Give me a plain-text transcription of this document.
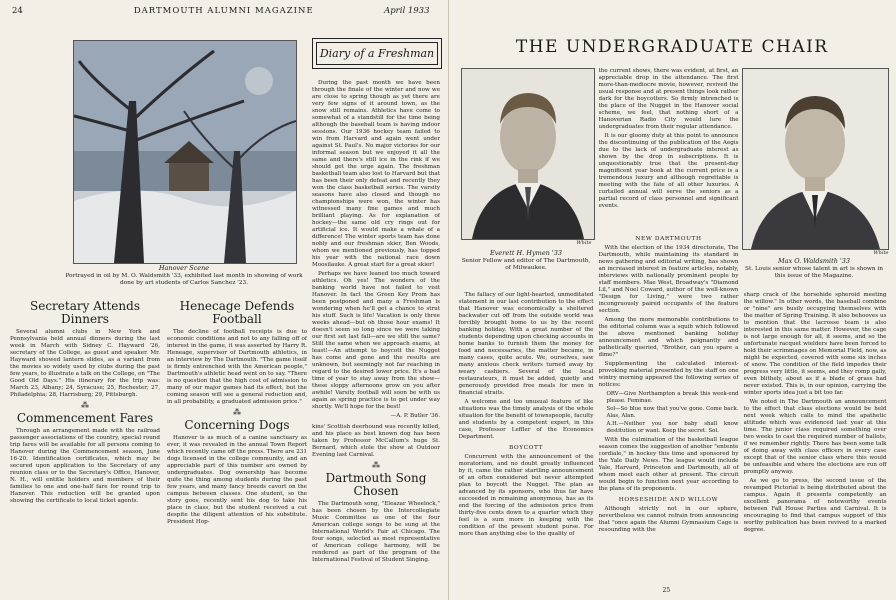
24	DARTMOUTH ALUMNI MAGAZINE	April 1933
Hanover Scene
Portrayed in oil by M. O. Waldsmith '33, exhibited last month in showing of work done by art students of Carlos Sanchez '23.
Secretary Attends Dinners

Several alumni clubs in New York and Pennsylvania held annual dinners during the last week in March with Sidney C. Hayward '26, secretary of the College, as guest and speaker. Mr. Hayward showed lantern slides, as a variant from the movies so widely used by clubs during the past few years, to illustrate a talk on the College, on "The Good Old Days." His itinerary for the trip was: March 23, Albany; 24, Syracuse; 25, Rochester; 27, Philadelphia; 28, Harrisburg; 29, Pittsburgh.

⁂
Commencement Fares

Through an arrangement made with the railroad passenger associations of the country, special round trip fares will be available for all persons coming to Hanover during the Commencement season, June 16-20. Identification certificates, which may be secured upon application to the Secretary of any reunion class or to the Secretary's Office, Hanover, N. H., will entitle holders and members of their families to one and one-half fare for round trip to Hanover. This reduction will be granted upon showing the certificate to local ticket agents.

Henecage Defends Football

The decline of football receipts is due to economic conditions and not to any falling off of interest in the game, it was asserted by Harry R. Heneage, supervisor of Dartmouth athletics, in an interview by The Dartmouth. "The game itself is firmly entrenched with the American people," Dartmouth's athletic head went on to say. "There is no question that the high cost of admission to many of our major games had its effect, but the coming season will see a general reduction and, in all probability, a graduated admission price."

⁂
Concerning Dogs

Hanover is as much of a canine sanctuary as ever, it was revealed in the annual Town Report which recently came off the press. There are 231 dogs licensed in the college community, and an appreciable part of this number are owned by undergraduates. Dog ownership has become quite the thing among students during the past few years, and many fancy breeds cavort on the campus between classes. One student, so the story goes, recently sent his dog to take his place in class, but the student received a cut despite the diligent attention of his substitute. President Hop-

Diary of a Freshman

During the past month we have been through the finale of the winter and now we are close to spring though as yet there are very few signs of it around town, as the snow still remains. Athletics have come to somewhat of a standstill for the time being although the baseball team is having indoor sessions. Our 1936 hockey team failed to win from Harvard and again went under against St. Paul's. No major victories for our informal season but we enjoyed it all the same and there's still ice in the rink if we should get the urge again. The freshman basketball team also lost to Harvard but that has been their only defeat and recently they won the class basketball series. The varsity seasons have also closed and though no championships were won, the winter has witnessed many fine games and much brilliant playing. As for explanation of hockey—the same old cry rings out for artificial ice. It would make a whale of a difference! The winter sports team has done nobly and our freshman skier, Ben Woods, whom we mentioned previously, has topped his year with the national race down Moosilauke. A great start for a great skier!

Perhaps we have leaned too much toward athletics. Oh yes! The wonders of the banking world have not failed to visit Hanover. In fact the Green Key Prom has been postponed and many a Freshman is wondering when he'll get a chance to strut his stuff. Such is life! Vacation is only three weeks ahead—but oh those hour exams! It doesn't seem so long since we were taking our first set last fall—are we still the same? Still the same when we approach exams, at least!—An attempt to boycott the Nugget has come and gone and the results are unknown, but seemingly not far reaching in regard to the desired lower price. It's a bad time of year to stay away from the show—these sloppy afternoons grow on you after awhile! Varsity football will soon be with us again as spring practice is to get under way shortly. We'll hope for the best!

—A. P. Butler '36.

kins' Scottish deerhound was recently killed, and his place as best known dog has been taken by Professor McCallum's huge St. Bernard, which stole the show at Outdoor Evening last Carnival.

⁂
Dartmouth Song Chosen

The Dartmouth song, "Eleazar Wheelock," has been chosen by the Intercollegiate Music Committee as one of the four American college songs to be sung at the International World's Fair at Chicago. The four songs, selected as most representative of American college harmony, will be rendered as part of the program of the International Festival of Student Singing.

THE UNDERGRADUATE CHAIR
White
Everett H. Hymen '33
Senior Fellow and editor of The Dartmouth, of Milwaukee.

the current shows, there was evident, at first, an appreciable drop in the attendance. The first more-than-mediocre movie, however, revived the usual response and at present things look rather dark for the boycotters. So firmly intrenched is the place of the Nugget in the Hanover social scheme, we feel, that nothing short of a Hanoverian Radio City would lure the undergraduates from their regular attendance.

It is our gloomy duty at this point to announce the discontinuing of the publication of the Aegis due to the lack of undergraduate interest as shown by the drop in subscriptions. It is unquestionably true that the present-day magnificent year book at the current price is a tremendous luxury and although regrettable is meeting with the fate of all other luxuries. A curtailed annual will serve the seniors as a partial record of class personnel and significant events.

White
Max O. Waldsmith '33
St. Louis senior whose talent in art is shown in this issue of the Magazine.

The fallacy of our light-hearted, unmeditated statement in our last contribution to the effect that Hanover was economically a sheltered backwater cut off from the outside world was forcibly brought home to us by the recent banking holiday. With a great number of the students depending upon checking accounts in home banks to furnish them the money for food and necessaries, the matter became, in many cases, quite acute. We, ourselves, saw many anxious check writers turned away by weary cashiers. Several of the local restaurateurs, it must be added, quietly and generously provided free meals for men in financial straits.

A welcome and too unusual feature of like situations was the timely analysis of the whole situation for the benefit of townspeople, faculty and students by a competent expert, in this case, Professor Leffler of the Economics Department.

BOYCOTT

Concurrent with the announcement of the moratorium, and no doubt greatly influenced by it, came the rather startling announcement of an often considered but never attempted plan to boycott the Nugget. The plan as advanced by its sponsors, who thus far have succeeded in remaining anonymous, has as its end the forcing of the admission price from thirty-five cents down to a quarter which they feel is a sum more in keeping with the condition of the present student purse. For more than anything else to the quality of

NEW DARTMOUTH

With the election of the 1934 directorate, The Dartmouth, while maintaining its standard in news gathering and editorial writing, has shown an increased interest in feature articles, notably, interviews with nationally prominent people by staff members. Mae West, Broadway's "Diamond Lil," and Noel Coward, author of the well-known "Design for Living," were two rather incongruously paired occupants of the feature section.

Among the more memorable contributions to the editorial column was a squib which followed the above mentioned banking holiday announcement and which poignantly and pathetically queried, "Brother, can you spare a dime?"

Supplementing the calculated interest-provoking material presented by the staff on one wintry morning appeared the following series of notices:

ORV—Give Northampton a break this week-end please. Feminae.
Sol—So blue now that you've gone. Come back. Alas, Alan.
A.H.—Neither you nor baby shall know destitution or want. Keep the secret. Sol.

With the culmination of the basketball league season comes the suggestion of another "entente cordiale," in hockey this time and sponsored by the Yale Daily News. The league would include Yale, Harvard, Princeton and Dartmouth, all of whom meet each other at present. The circuit would begin to function next year according to the plans of its proponents.

HORSESHIDE AND WILLOW

Although strictly not in our sphere, nevertheless we cannot refrain from announcing that "once again the Alumni Gymnasium Cage is resounding with the

sharp crack of the horsehide spheroid meeting the willow." In other words, the baseball combine or "nine" are busily occupying themselves with the matter of Spring Training. It also behooves us to mention that the lacrosse team is also interested in this same matter. However, the cage is not large enough for all, it seems, and so the unfortunate racquet wielders have been forced to hold their scrimmages on Memorial Field, now, as might be expected, covered with some six inches of snow. The condition of the field impedes their progress very little, it seems, and they romp gaily, even blithely, about as if a blade of grass had never existed. This is, in our opinion, carrying the winter sports idea just a bit too far.

We noted in The Dartmouth an announcement to the effect that class elections would be held next week which calls to mind the apathetic attitude which was evidenced last year at this time. The junior class required something over two weeks to cast the required number of ballots, if we remember rightly. There has been some talk of doing away with class officers in every case except that of the senior class where this would be unfeasible and where the elections are run off promptly anyway.

As we go to press, the second issue of the revamped Pictorial is being distributed about the campus. Again it presents competently an excellent panorama of noteworthy events between Fall House Parties and Carnival. It is encouraging to find that campus support of this worthy publication has been revived to a marked degree.

25
